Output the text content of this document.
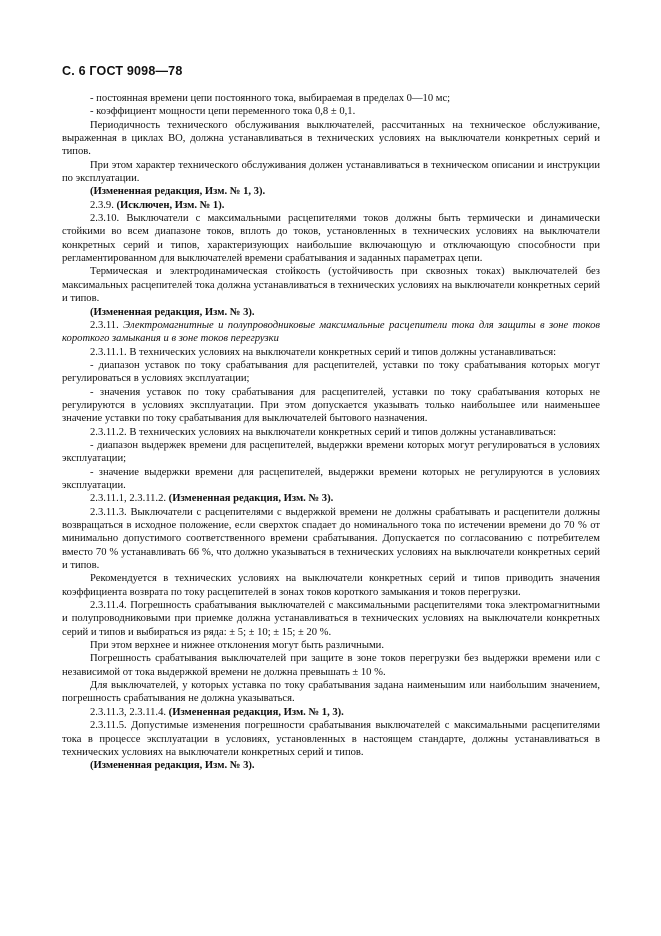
С. 6 ГОСТ 9098—78

- постоянная времени цепи постоянного тока, выбираемая в пределах 0—10 мс;

- коэффициент мощности цепи переменного тока 0,8 ± 0,1.

Периодичность технического обслуживания выключателей, рассчитанных на техническое обслуживание, выраженная в циклах ВО, должна устанавливаться в технических условиях на выключатели конкретных серий и типов.

При этом характер технического обслуживания должен устанавливаться в техническом описании и инструкции по эксплуатации.

(Измененная редакция, Изм. № 1, 3).

2.3.9. (Исключен, Изм. № 1).

2.3.10. Выключатели с максимальными расцепителями токов должны быть термически и динамически стойкими во всем диапазоне токов, вплоть до токов, установленных в технических условиях на выключатели конкретных серий и типов, характеризующих наибольшие включающую и отключающую способности при регламентированном для выключателей времени срабатывания и заданных параметрах цепи.

Термическая и электродинамическая стойкость (устойчивость при сквозных токах) выключателей без максимальных расцепителей тока должна устанавливаться в технических условиях на выключатели конкретных серий и типов.

(Измененная редакция, Изм. № 3).

2.3.11. Электромагнитные и полупроводниковые максимальные расцепители тока для защиты в зоне токов короткого замыкания и в зоне токов перегрузки

2.3.11.1. В технических условиях на выключатели конкретных серий и типов должны устанавливаться:

- диапазон уставок по току срабатывания для расцепителей, уставки по току срабатывания которых могут регулироваться в условиях эксплуатации;

- значения уставок по току срабатывания для расцепителей, уставки по току срабатывания которых не регулируются в условиях эксплуатации. При этом допускается указывать только наибольшее или наименьшее значение уставки по току срабатывания для выключателей бытового назначения.

2.3.11.2. В технических условиях на выключатели конкретных серий и типов должны устанавливаться:

- диапазон выдержек времени для расцепителей, выдержки времени которых могут регулироваться в условиях эксплуатации;

- значение выдержки времени для расцепителей, выдержки времени которых не регулируются в условиях эксплуатации.

2.3.11.1, 2.3.11.2. (Измененная редакция, Изм. № 3).

2.3.11.3. Выключатели с расцепителями с выдержкой времени не должны срабатывать и расцепители должны возвращаться в исходное положение, если сверхток спадает до номинального тока по истечении времени до 70 % от минимально допустимого соответственного времени срабатывания. Допускается по согласованию с потребителем вместо 70 % устанавливать 66 %, что должно указываться в технических условиях на выключатели конкретных серий и типов.

Рекомендуется в технических условиях на выключатели конкретных серий и типов приводить значения коэффициента возврата по току расцепителей в зонах токов короткого замыкания и токов перегрузки.

2.3.11.4. Погрешность срабатывания выключателей с максимальными расцепителями тока электромагнитными и полупроводниковыми при приемке должна устанавливаться в технических условиях на выключатели конкретных серий и типов и выбираться из ряда: ± 5; ± 10; ± 15; ± 20 %.

При этом верхнее и нижнее отклонения могут быть различными.

Погрешность срабатывания выключателей при защите в зоне токов перегрузки без выдержки времени или с независимой от тока выдержкой времени не должна превышать ± 10 %.

Для выключателей, у которых уставка по току срабатывания задана наименьшим или наибольшим значением, погрешность срабатывания не должна указываться.

2.3.11.3, 2.3.11.4. (Измененная редакция, Изм. № 1, 3).

2.3.11.5. Допустимые изменения погрешности срабатывания выключателей с максимальными расцепителями тока в процессе эксплуатации в условиях, установленных в настоящем стандарте, должны устанавливаться в технических условиях на выключатели конкретных серий и типов.

(Измененная редакция, Изм. № 3).
